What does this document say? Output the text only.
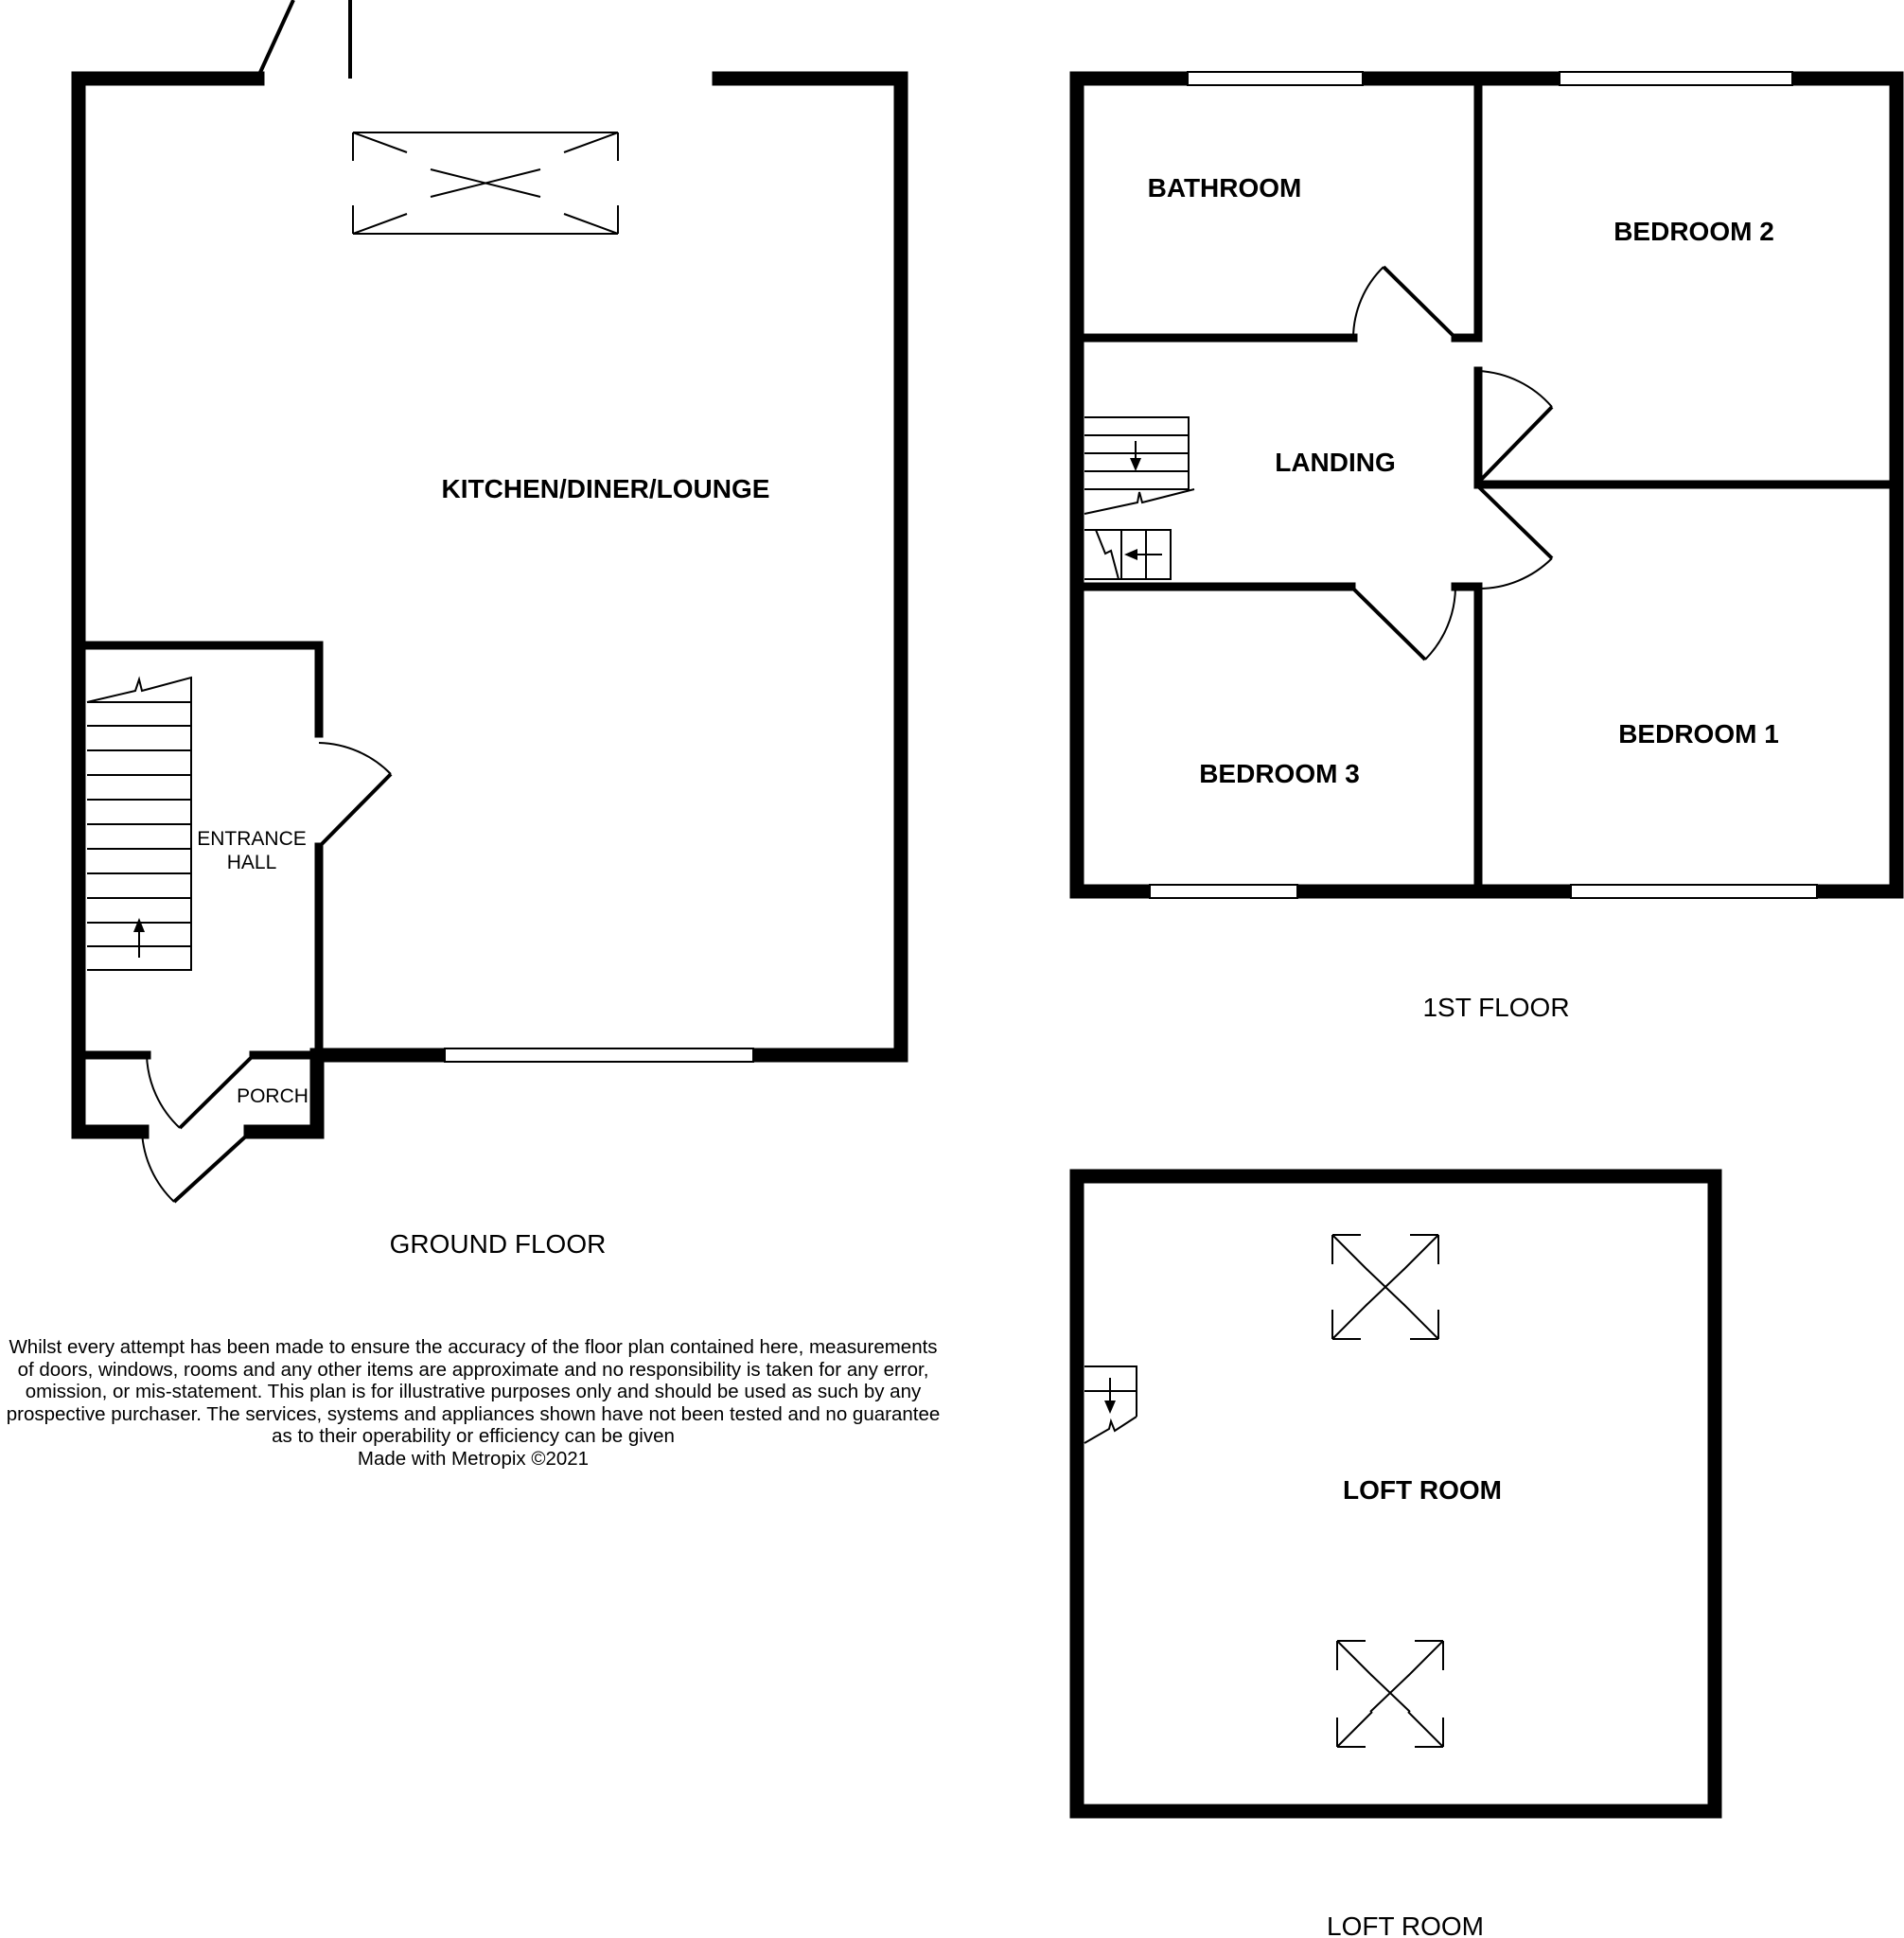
KITCHEN/DINER/LOUNGE
ENTRANCE
HALL
PORCH
GROUND FLOOR
BATHROOM
BEDROOM 2
LANDING
BEDROOM 3
BEDROOM 1
1ST FLOOR
LOFT ROOM
LOFT ROOM
Whilst every attempt has been made to ensure the accuracy of the floor plan contained here, measurements
of doors, windows, rooms and any other items are approximate and no responsibility is taken for any error,
omission, or mis-statement. This plan is for illustrative purposes only and should be used as such by any
prospective purchaser. The services, systems and appliances shown have not been tested and no guarantee
as to their operability or efficiency can be given
Made with Metropix ©2021
